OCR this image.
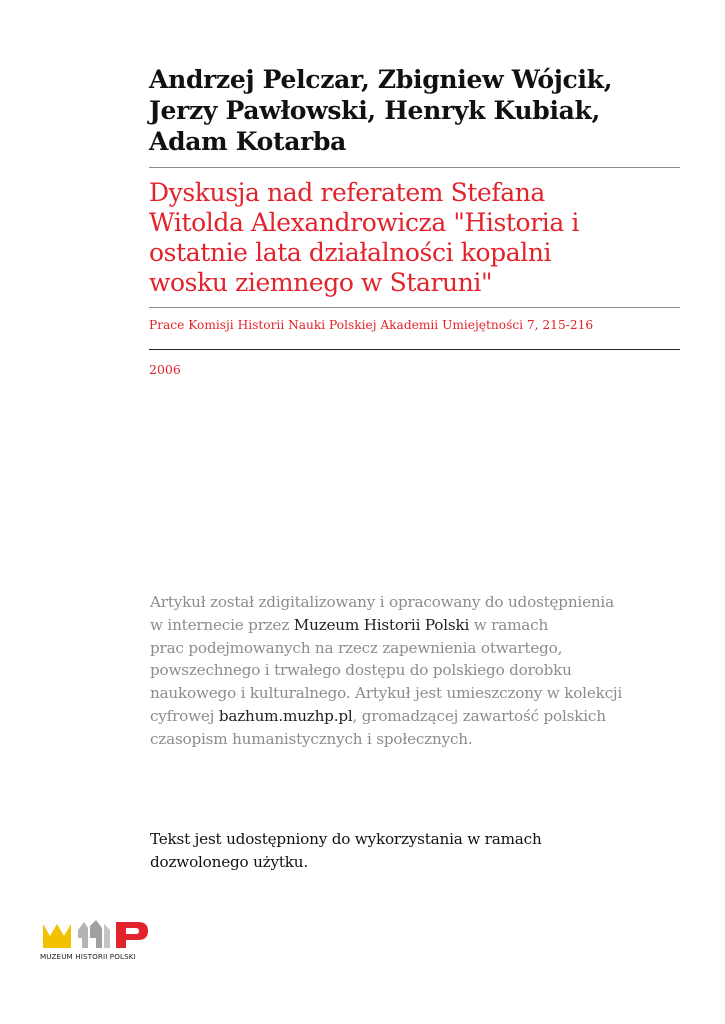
Andrzej Pelczar, Zbigniew Wójcik,
Jerzy Pawłowski, Henryk Kubiak,
Adam Kotarba
Dyskusja nad referatem Stefana
Witolda Alexandrowicza "Historia i
ostatnie lata działalności kopalni
wosku ziemnego w Staruni"
Prace Komisji Historii Nauki Polskiej Akademii Umiejętności 7, 215-216
2006
Artykuł został zdigitalizowany i opracowany do udostępnienia
w internecie przez Muzeum Historii Polski w ramach
prac podejmowanych na rzecz zapewnienia otwartego,
powszechnego i trwałego dostępu do polskiego dorobku
naukowego i kulturalnego. Artykuł jest umieszczony w kolekcji
cyfrowej bazhum.muzhp.pl, gromadzącej zawartość polskich
czasopism humanistycznych i społecznych.
Tekst jest udostępniony do wykorzystania w ramach
dozwolonego użytku.
MUZEUM HISTORII POLSKI
